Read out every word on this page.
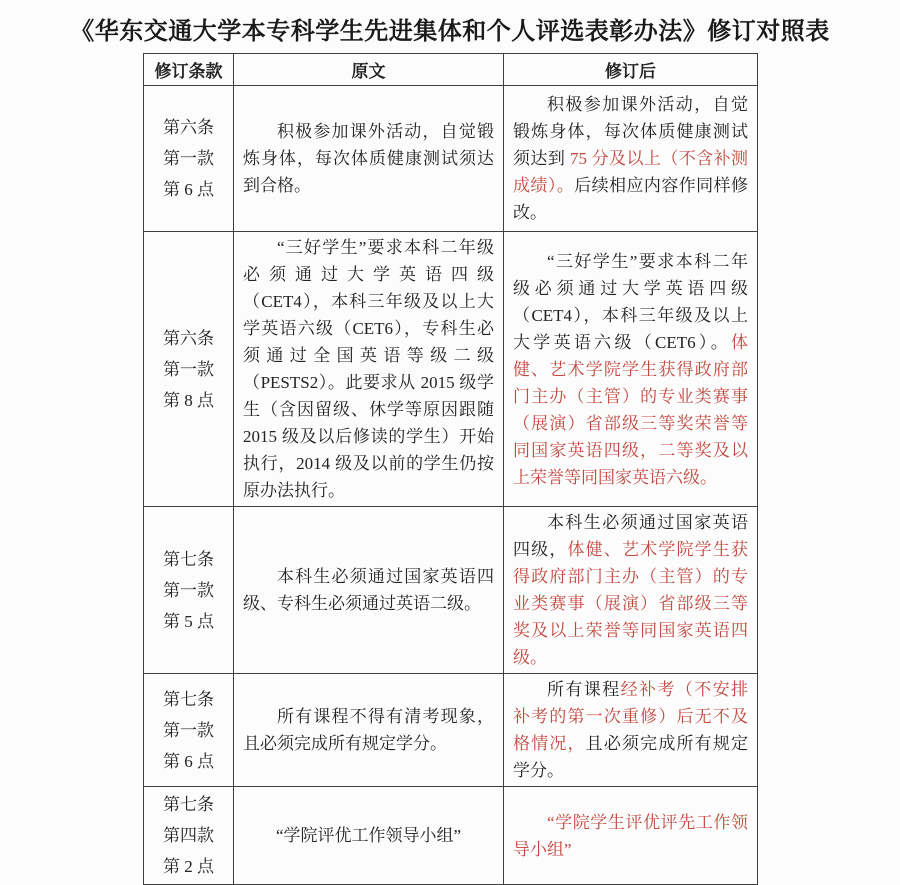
《华东交通大学本专科学生先进集体和个人评选表彰办法》修订对照表
修订条款	原文	修订后

第六条
第一款
第 6 点	积极参加课外活动，自觉锻炼身体，每次体质健康测试须达到合格。	积极参加课外活动，自觉锻炼身体，每次体质健康测试须达到 75 分及以上（不含补测成绩）。后续相应内容作同样修改。

第六条
第一款
第 8 点	“三好学生”要求本科二年级必须通过大学英语四级（CET4），本科三年级及以上大学英语六级（CET6），专科生必须通过全国英语等级二级（PESTS2）。此要求从 2015 级学生（含因留级、休学等原因跟随 2015 级及以后修读的学生）开始执行，2014 级及以前的学生仍按原办法执行。	“三好学生”要求本科二年级必须通过大学英语四级（CET4），本科三年级及以上大学英语六级（CET6）。体健、艺术学院学生获得政府部门主办（主管）的专业类赛事（展演）省部级三等奖荣誉等同国家英语四级，二等奖及以上荣誉等同国家英语六级。

第七条
第一款
第 5 点	本科生必须通过国家英语四级、专科生必须通过英语二级。	本科生必须通过国家英语四级，体健、艺术学院学生获得政府部门主办（主管）的专业类赛事（展演）省部级三等奖及以上荣誉等同国家英语四级。

第七条
第一款
第 6 点	所有课程不得有清考现象，且必须完成所有规定学分。	所有课程经补考（不安排补考的第一次重修）后无不及格情况，且必须完成所有规定学分。

第七条
第四款
第 2 点	“学院评优工作领导小组”	“学院学生评优评先工作领导小组”
